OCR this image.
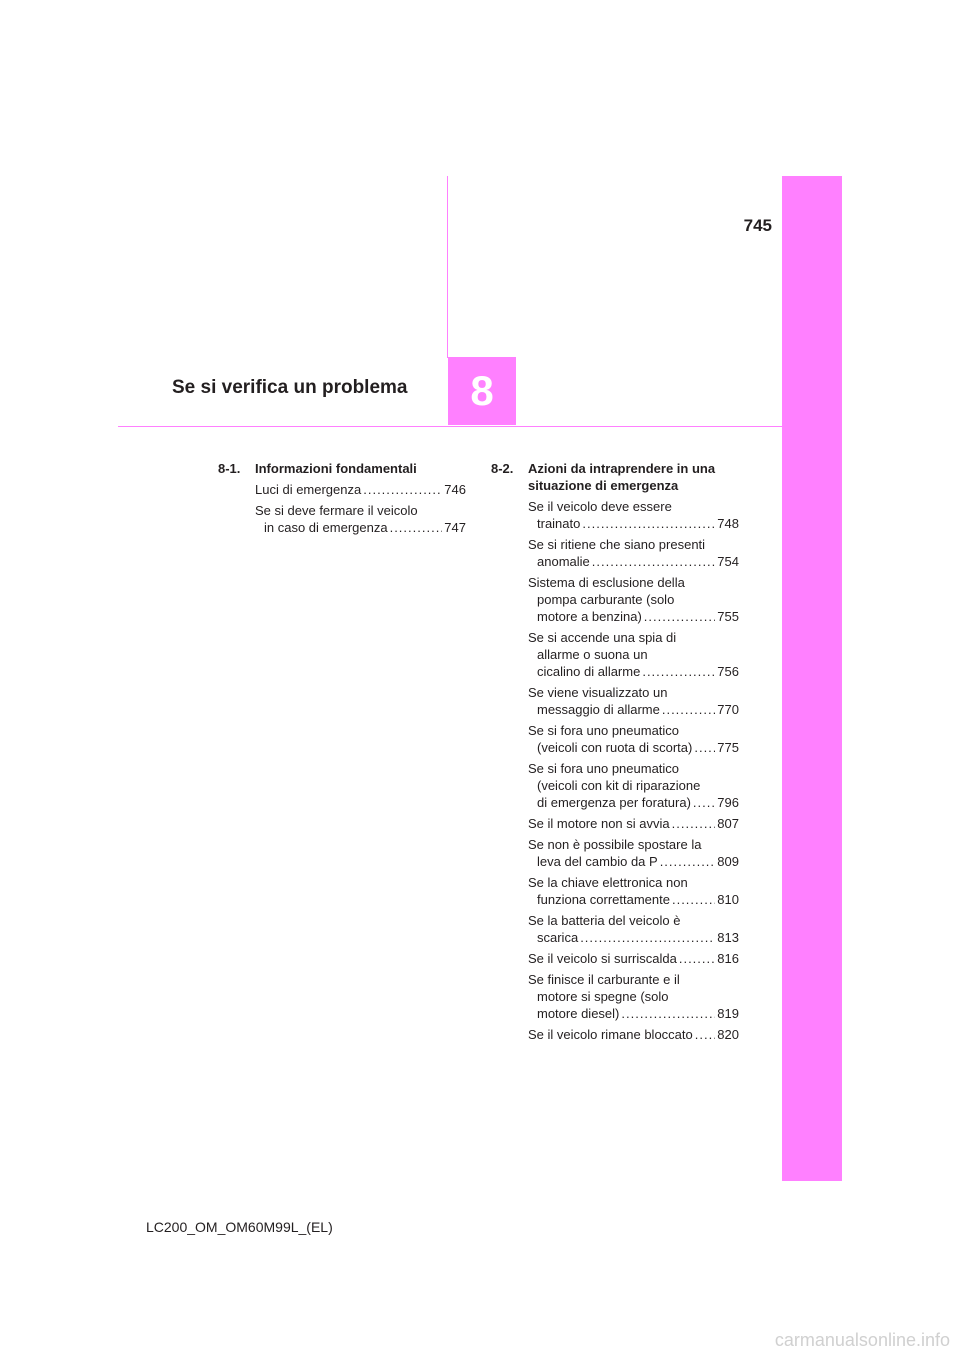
8
745
Se si verifica un problema
8-1.	Informazioni fondamentali
Luci di emergenza .....	746
Se si deve fermare il veicolo
in caso di emergenza .....	747
8-2.	Azioni da intraprendere in una
situazione di emergenza
Se il veicolo deve essere
trainato .....	748
Se si ritiene che siano presenti
anomalie .....	754
Sistema di esclusione della
pompa carburante (solo
motore a benzina) .....	755
Se si accende una spia di
allarme o suona un
cicalino di allarme .....	756
Se viene visualizzato un
messaggio di allarme .....	770
Se si fora uno pneumatico
(veicoli con ruota di scorta) ..... 775
Se si fora uno pneumatico
(veicoli con kit di riparazione
di emergenza per foratura) ..... 796
Se il motore non si avvia .....	807
Se non è possibile spostare la
leva del cambio da P .....	809
Se la chiave elettronica non
funziona correttamente .....	810
Se la batteria del veicolo è
scarica .....	813
Se il veicolo si surriscalda .....	816
Se finisce il carburante e il
motore si spegne (solo
motore diesel) .....	819
Se il veicolo rimane bloccato ..... 820
LC200_OM_OM60M99L_(EL)
carmanualsonline.info
